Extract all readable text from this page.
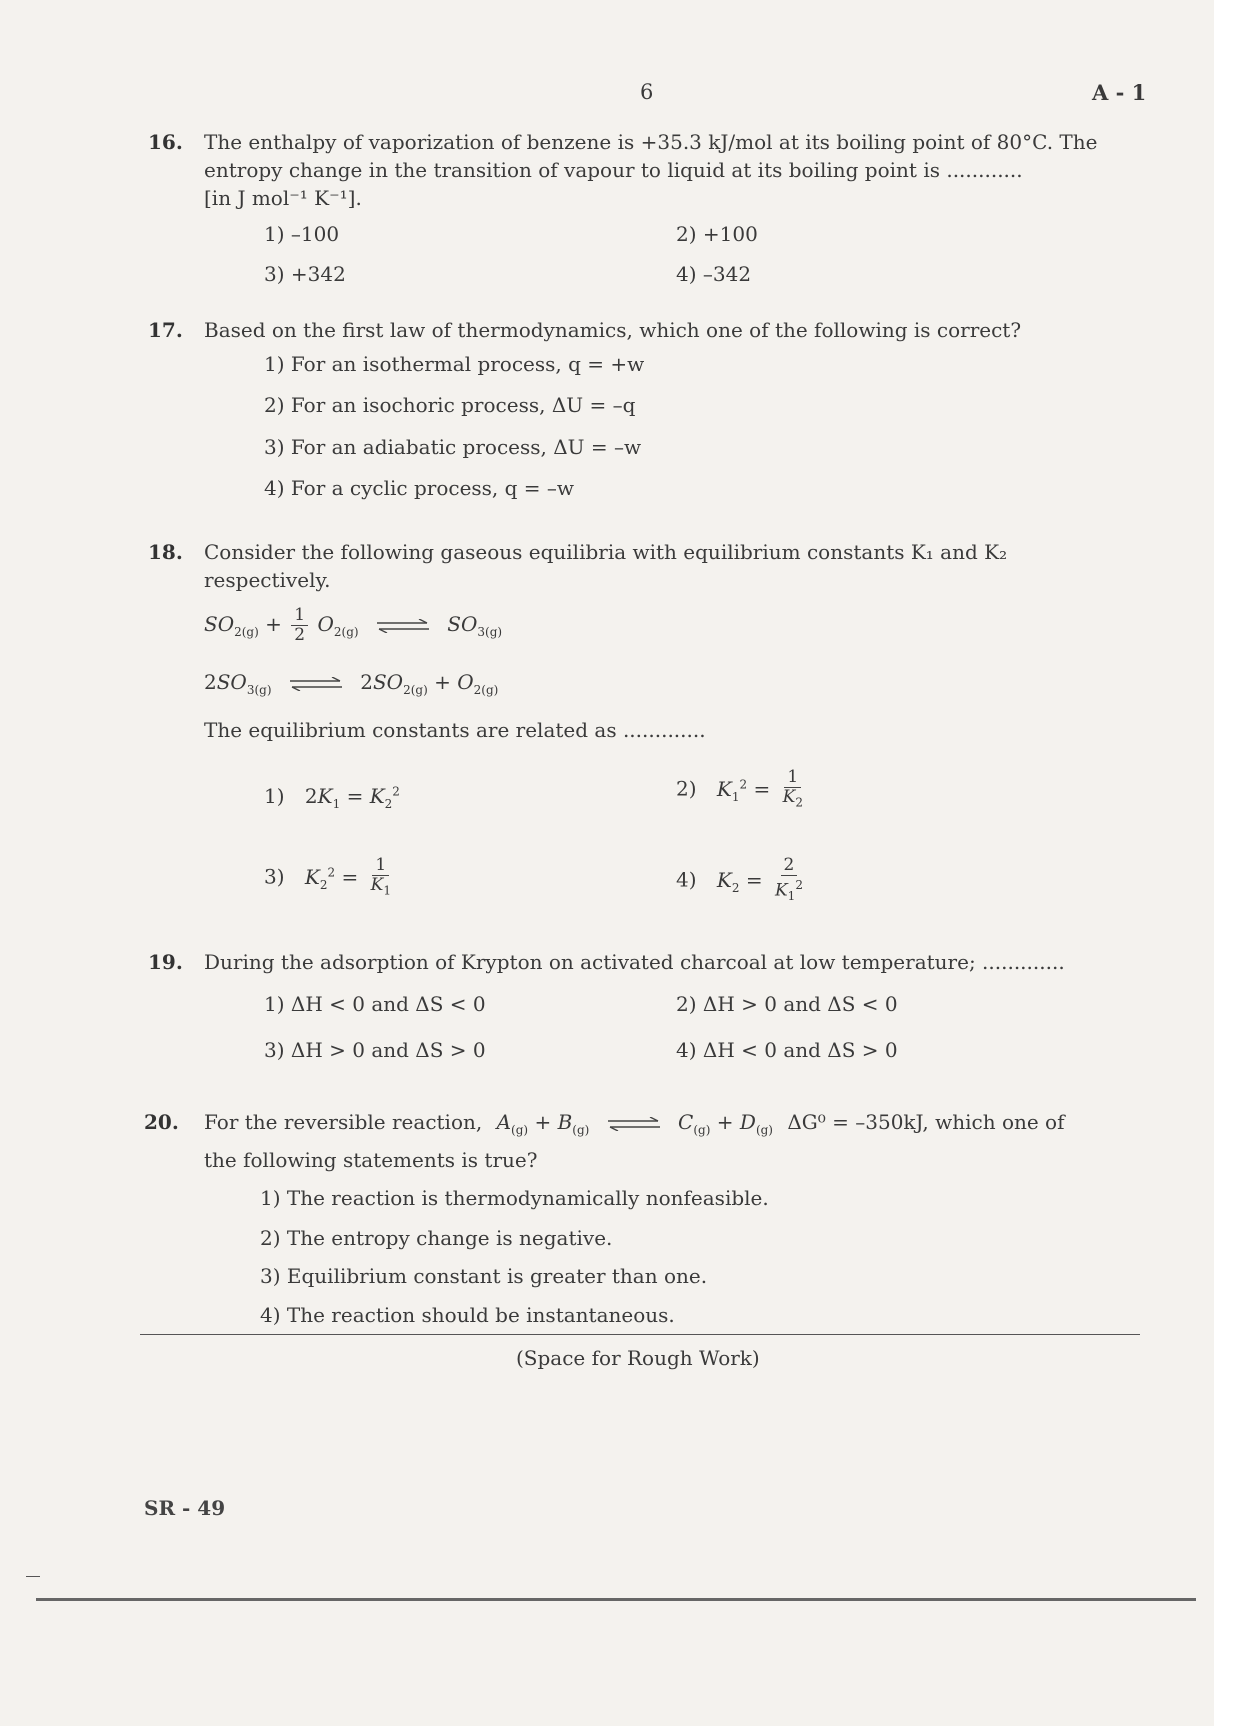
6	A - 1
16. The enthalpy of vaporization of benzene is +35.3 kJ/mol at its boiling point of 80°C. The
entropy change in the transition of vapour to liquid at its boiling point is ............
[in J mol⁻¹ K⁻¹].
1) –100	2) +100
3) +342	4) –342
17. Based on the first law of thermodynamics, which one of the following is correct?
1) For an isothermal process, q = +w
2) For an isochoric process, ΔU = –q
3) For an adiabatic process, ΔU = –w
4) For a cyclic process, q = –w
18. Consider the following gaseous equilibria with equilibrium constants K₁ and K₂
respectively.
$SO_{2(g)} + \frac{1}{2} O_{2(g)}$ ⇌ $SO_{3(g)}$
$2SO_{3(g)}$ ⇌ $2SO_{2(g)} + O_{2(g)}$
The equilibrium constants are related as .............
1) $2K_1 = K_2^2$	2) $K_1^2 = \frac{1}{K_2}$
3) $K_2^2 = \frac{1}{K_1}$	4) $K_2 = \frac{2}{K_1^2}$
19. During the adsorption of Krypton on activated charcoal at low temperature; .............
1) ΔH < 0 and ΔS < 0	2) ΔH > 0 and ΔS < 0
3) ΔH > 0 and ΔS > 0	4) ΔH < 0 and ΔS > 0
20. For the reversible reaction, $A_{(g)} + B_{(g)}$ ⇌ $C_{(g)} + D_{(g)}$ ΔG⁰ = –350kJ, which one of
the following statements is true?
1) The reaction is thermodynamically nonfeasible.
2) The entropy change is negative.
3) Equilibrium constant is greater than one.
4) The reaction should be instantaneous.
(Space for Rough Work)
SR - 49
